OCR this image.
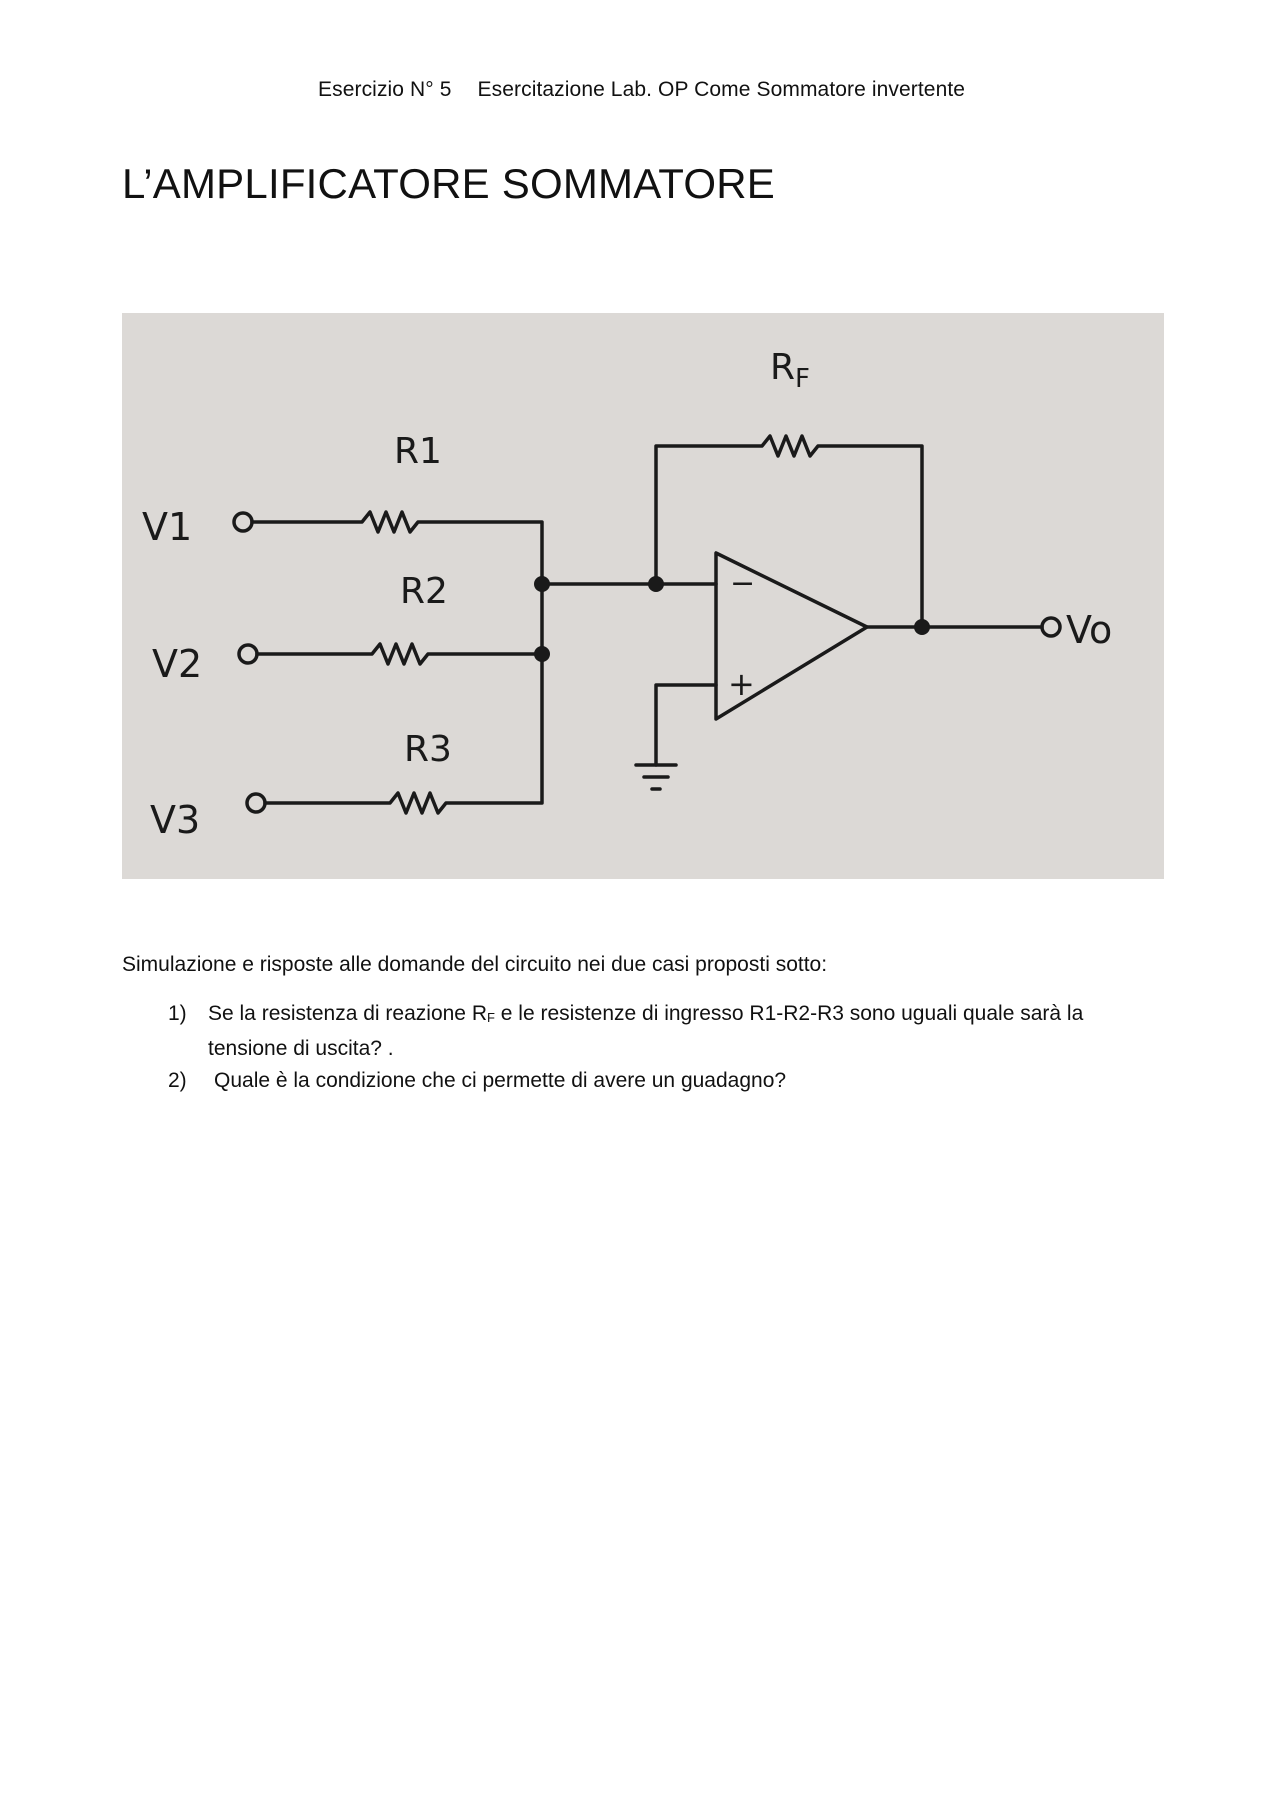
Esercizio N° 5 Esercitazione Lab. OP Come Sommatore invertente
L’AMPLIFICATORE SOMMATORE
$R_F$
R1
R2
R3
V1
V2
V3
Vo
−
+
Simulazione e risposte alle domande del circuito nei due casi proposti sotto:
1)	Se la resistenza di reazione RF e le resistenze di ingresso R1-R2-R3 sono uguali quale sarà la tensione di uscita? .
2)	Quale è la condizione che ci permette di avere un guadagno?
